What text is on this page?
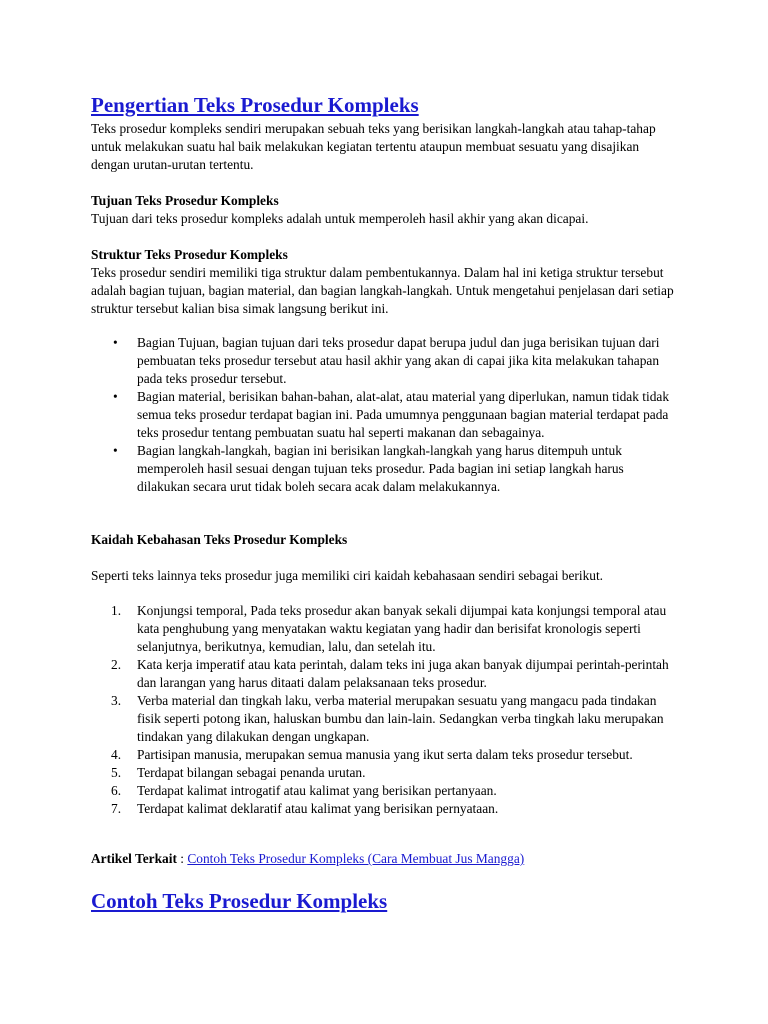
Pengertian Teks Prosedur Kompleks

Teks prosedur kompleks sendiri merupakan sebuah teks yang berisikan langkah-langkah atau tahap-tahap untuk melakukan suatu hal baik melakukan kegiatan tertentu ataupun membuat sesuatu yang disajikan dengan urutan-urutan tertentu.

Tujuan Teks Prosedur Kompleks

Tujuan dari teks prosedur kompleks adalah untuk memperoleh hasil akhir yang akan dicapai.

Struktur Teks Prosedur Kompleks

Teks prosedur sendiri memiliki tiga struktur dalam pembentukannya. Dalam hal ini ketiga struktur tersebut adalah bagian tujuan, bagian material, dan bagian langkah-langkah. Untuk mengetahui penjelasan dari setiap struktur tersebut kalian bisa simak langsung berikut ini.

• Bagian Tujuan, bagian tujuan dari teks prosedur dapat berupa judul dan juga berisikan tujuan dari pembuatan teks prosedur tersebut atau hasil akhir yang akan di capai jika kita melakukan tahapan pada teks prosedur tersebut.
• Bagian material, berisikan bahan-bahan, alat-alat, atau material yang diperlukan, namun tidak tidak semua teks prosedur terdapat bagian ini. Pada umumnya penggunaan bagian material terdapat pada teks prosedur tentang pembuatan suatu hal seperti makanan dan sebagainya.
• Bagian langkah-langkah, bagian ini berisikan langkah-langkah yang harus ditempuh untuk memperoleh hasil sesuai dengan tujuan teks prosedur. Pada bagian ini setiap langkah harus dilakukan secara urut tidak boleh secara acak dalam melakukannya.
Kaidah Kebahasan Teks Prosedur Kompleks

Seperti teks lainnya teks prosedur juga memiliki ciri kaidah kebahasaan sendiri sebagai berikut.

1. Konjungsi temporal, Pada teks prosedur akan banyak sekali dijumpai kata konjungsi temporal atau kata penghubung yang menyatakan waktu kegiatan yang hadir dan berisifat kronologis seperti selanjutnya, berikutnya, kemudian, lalu, dan setelah itu.
2. Kata kerja imperatif atau kata perintah, dalam teks ini juga akan banyak dijumpai perintah-perintah dan larangan yang harus ditaati dalam pelaksanaan teks prosedur.
3. Verba material dan tingkah laku, verba material merupakan sesuatu yang mangacu pada tindakan fisik seperti potong ikan, haluskan bumbu dan lain-lain. Sedangkan verba tingkah laku merupakan tindakan yang dilakukan dengan ungkapan.
4. Partisipan manusia, merupakan semua manusia yang ikut serta dalam teks prosedur tersebut.
5. Terdapat bilangan sebagai penanda urutan.
6. Terdapat kalimat introgatif atau kalimat yang berisikan pertanyaan.
7. Terdapat kalimat deklaratif atau kalimat yang berisikan pernyataan.

Artikel Terkait : Contoh Teks Prosedur Kompleks (Cara Membuat Jus Mangga)

Contoh Teks Prosedur Kompleks
